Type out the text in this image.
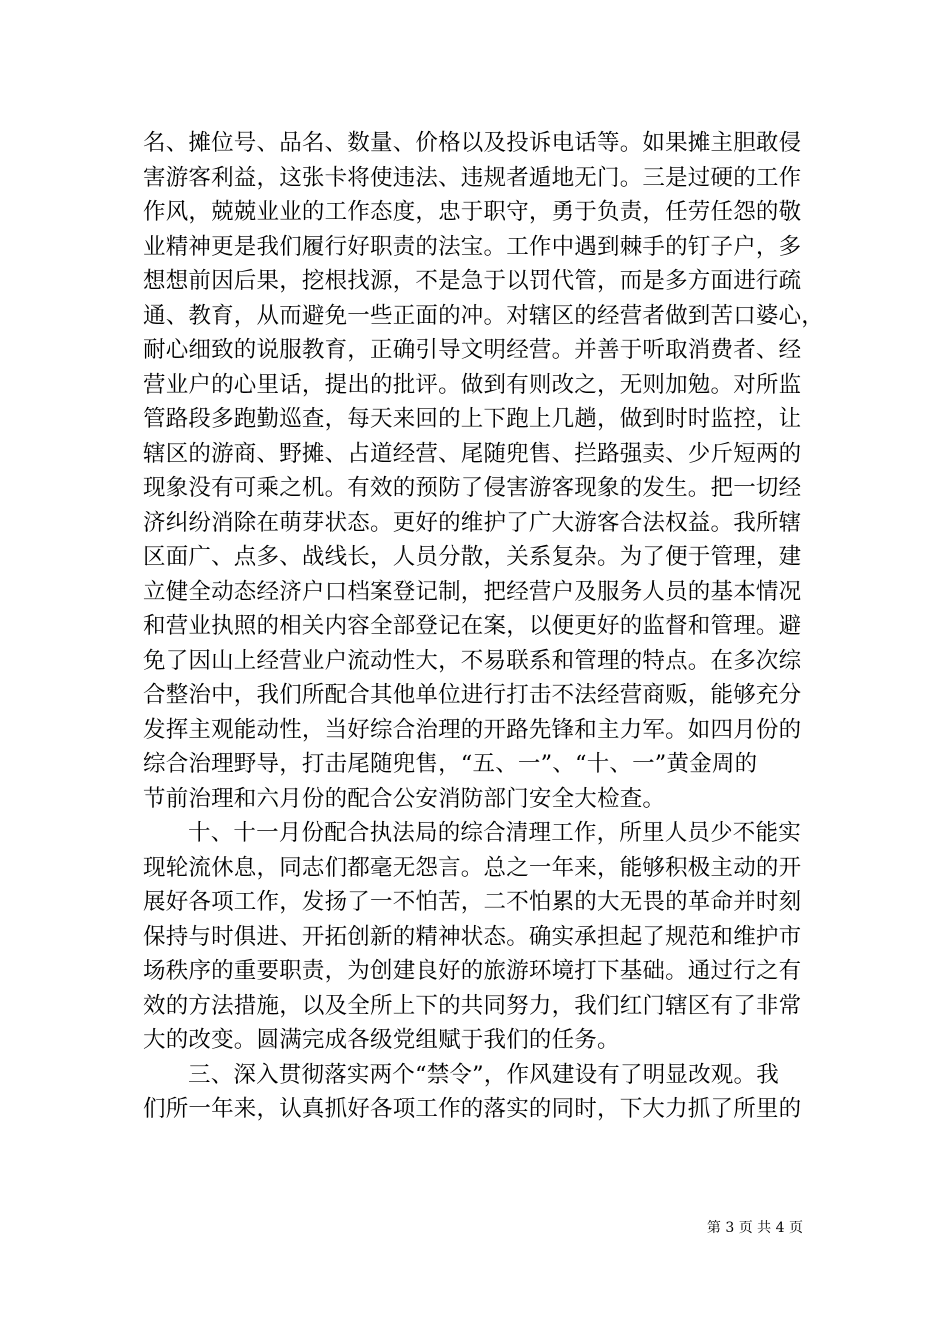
名、摊位号、品名、数量、价格以及投诉电话等。如果摊主胆敢侵
害游客利益，这张卡将使违法、违规者遁地无门。三是过硬的工作
作风，兢兢业业的工作态度，忠于职守，勇于负责，任劳任怨的敬
业精神更是我们履行好职责的法宝。工作中遇到棘手的钉子户，多
想想前因后果，挖根找源，不是急于以罚代管，而是多方面进行疏
通、教育，从而避免一些正面的冲。对辖区的经营者做到苦口婆心，
耐心细致的说服教育，正确引导文明经营。并善于听取消费者、经
营业户的心里话，提出的批评。做到有则改之，无则加勉。对所监
管路段多跑勤巡查，每天来回的上下跑上几趟，做到时时监控，让
辖区的游商、野摊、占道经营、尾随兜售、拦路强卖、少斤短两的
现象没有可乘之机。有效的预防了侵害游客现象的发生。把一切经
济纠纷消除在萌芽状态。更好的维护了广大游客合法权益。我所辖
区面广、点多、战线长，人员分散，关系复杂。为了便于管理，建
立健全动态经济户口档案登记制，把经营户及服务人员的基本情况
和营业执照的相关内容全部登记在案，以便更好的监督和管理。避
免了因山上经营业户流动性大，不易联系和管理的特点。在多次综
合整治中，我们所配合其他单位进行打击不法经营商贩，能够充分
发挥主观能动性，当好综合治理的开路先锋和主力军。如四月份的
综合治理野导，打击尾随兜售，“五、一”、“十、一”黄金周的
节前治理和六月份的配合公安消防部门安全大检查。
十、十一月份配合执法局的综合清理工作，所里人员少不能实
现轮流休息，同志们都毫无怨言。总之一年来，能够积极主动的开
展好各项工作，发扬了一不怕苦，二不怕累的大无畏的革命并时刻
保持与时俱进、开拓创新的精神状态。确实承担起了规范和维护市
场秩序的重要职责，为创建良好的旅游环境打下基础。通过行之有
效的方法措施，以及全所上下的共同努力，我们红门辖区有了非常
大的改变。圆满完成各级党组赋于我们的任务。
三、深入贯彻落实两个“禁令”，作风建设有了明显改观。我
们所一年来，认真抓好各项工作的落实的同时，下大力抓了所里的
第 3 页 共 4 页
